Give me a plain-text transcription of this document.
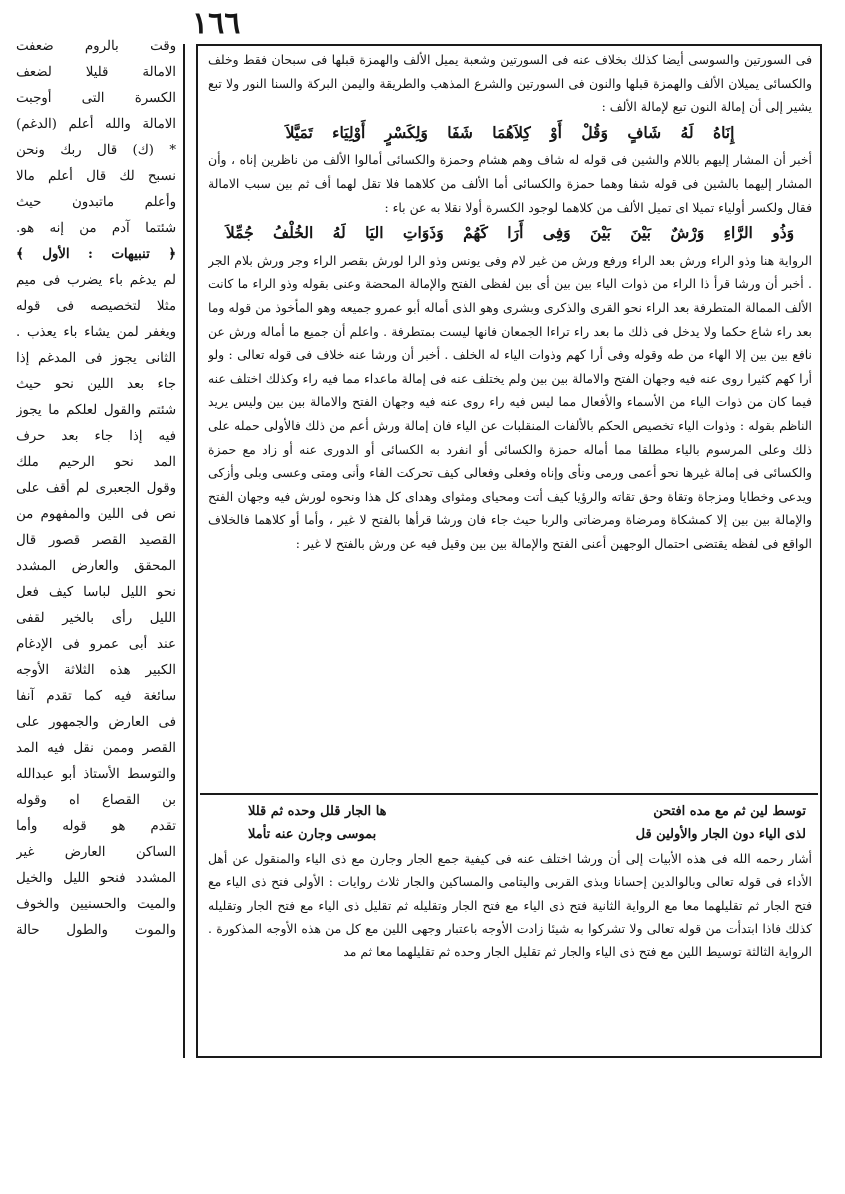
١٦٦
وقت بالروم ضعفت
الامالة قليلا لضعف
الكسرة التى أوجبت
الامالة والله أعلم (الدغم)
* (ك) قال ربك ونحن
نسبح لك قال أعلم مالا
وأعلم ماتبدون حيث
شئتما آدم من إنه هو.
﴿ تنبيهات : الأول ﴾
لم يدغم باء يضرب فى ميم
مثلا لتخصيصه فى قوله
ويغفر لمن يشاء باء يعذب .
الثانى يجوز فى المدغم إذا
جاء بعد اللين نحو حيث
شئتم والقول لعلكم ما يجوز
فيه إذا جاء بعد حرف
المد نحو الرحيم ملك
وقول الجعبرى لم أقف على
نص فى اللين والمفهوم من
القصيد القصر قصور قال
المحقق والعارض المشدد
نحو الليل لباسا كيف فعل
الليل رأى بالخير لقفى
عند أبى عمرو فى الإدغام
الكبير هذه الثلاثة الأوجه
سائغة فيه كما تقدم آنفا
فى العارض والجمهور على
القصر وممن نقل فيه المد
والتوسط الأستاذ أبو عبدالله
بن القصاع اه وقوله
تقدم هو قوله وأما
الساكن العارض غير
المشدد فنحو الليل والخيل
والميت والحسنيين والخوف
والموت والطول حالة

فى السورتين والسوسى أيضا كذلك بخلاف عنه فى السورتين وشعبة يميل الألف والهمزة قبلها فى سبحان فقط وخلف والكسائى يميلان الألف والهمزة قبلها والنون فى السورتين والشرع المذهب والطريقة واليمن البركة والسنا النور ولا تبع يشير إلى أن إمالة النون تبع لإمالة الألف :

إِنَاهُ لَهُ شَافٍ وَقُلْ أَوْ كِلاَهُمَا شَفَا وَلِكَسْرٍ أَوْلِيَاء تَمَيَّلاَ

أخبر أن المشار إليهم باللام والشين فى قوله له شاف وهم هشام وحمزة والكسائى أمالوا الألف من ناظرين إناه ، وأن المشار إليهما بالشين فى قوله شفا وهما حمزة والكسائى أما الألف من كلاهما فلا تقل لهما أف ثم بين سبب الامالة فقال ولكسر أولياء تميلا اى تميل الألف من كلاهما لوجود الكسرة أولا نقلا به عن باء :

وَذُو الرَّاءِ وَرْشٌ بَيْنَ بَيْنَ وَفِى أَرَا كَهُمْ وَذَوَاتِ اليَا لَهُ الخُلْفُ جُمِّلاَ

الرواية هنا وذو الراء ورش بعد الراء ورفع ورش من غير لام وفى يونس وذو الرا لورش بقصر الراء وجر ورش بلام الجر . أخبر أن ورشا قرأ ذا الراء من ذوات الياء بين بين أى بين لفظى الفتح والإمالة المحضة وعنى بقوله وذو الراء ما كانت الألف الممالة المتطرفة بعد الراء نحو القرى والذكرى وبشرى وهو الذى أماله أبو عمرو جميعه وهو المأخوذ من قوله وما بعد راء شاع حكما ولا يدخل فى ذلك ما بعد راء تراءا الجمعان فانها ليست بمتطرفة . واعلم أن جميع ما أماله ورش عن نافع بين بين إلا الهاء من طه وقوله وفى أرا كهم وذوات الياء له الخلف . أخبر أن ورشا عنه خلاف فى قوله تعالى : ولو أرا كهم كثيرا روى عنه فيه وجهان الفتح والامالة بين بين ولم يختلف عنه فى إمالة ماعداء مما فيه راء وكذلك اختلف عنه فيما كان من ذوات الياء من الأسماء والأفعال مما ليس فيه راء روى عنه فيه وجهان الفتح والامالة بين بين وليس يريد الناظم بقوله : وذوات الياء تخصيص الحكم بالألفات المنقلبات عن الياء فان إمالة ورش أعم من ذلك فالأولى حمله على ذلك وعلى المرسوم بالياء مطلقا مما أماله حمزة والكسائى أو انفرد به الكسائى أو الدورى عنه أو زاد مع حمزة والكسائى فى إمالة غيرها نحو أعمى ورمى ونأى وإناه وفعلى وفعالى كيف تحركت الفاء وأنى ومتى وعسى وبلى وأزكى ويدعى وخطايا ومزجاة وتقاة وحق تقاته والرؤيا كيف أتت ومحياى ومثواى وهداى كل هذا ونحوه لورش فيه وجهان الفتح والإمالة بين بين إلا كمشكاة ومرضاة ومرضاتى والربا حيث جاء فان ورشا قرأها بالفتح لا غير ، وأما أو كلاهما فالخلاف الواقع فى لفظه يقتضى احتمال الوجهين أعنى الفتح والإمالة بين بين وقيل فيه عن ورش بالفتح لا غير :

توسط لين ثم مع مده افتحن
ها الجار قلل وحده ثم قللا
لذى الياء دون الجار والأولين قل
بموسى وجارن عنه تأملا

أشار رحمه الله فى هذه الأبيات إلى أن ورشا اختلف عنه فى كيفية جمع الجار وجارن مع ذى الياء والمنقول عن أهل الأداء فى قوله تعالى وبالوالدين إحسانا وبذى القربى واليتامى والمساكين والجار ثلاث روايات : الأولى فتح ذى الياء مع فتح الجار ثم تقليلهما معا مع الرواية الثانية فتح ذى الياء مع فتح الجار وتقليله ثم تقليل ذى الياء مع فتح الجار وتقليله كذلك فاذا ابتدأت من قوله تعالى ولا تشركوا به شيئا زادت الأوجه باعتبار وجهى اللين مع كل من هذه الأوجه المذكورة . الرواية الثالثة توسيط اللين مع فتح ذى الياء والجار ثم تقليل الجار وحده ثم تقليلهما معا ثم مد
